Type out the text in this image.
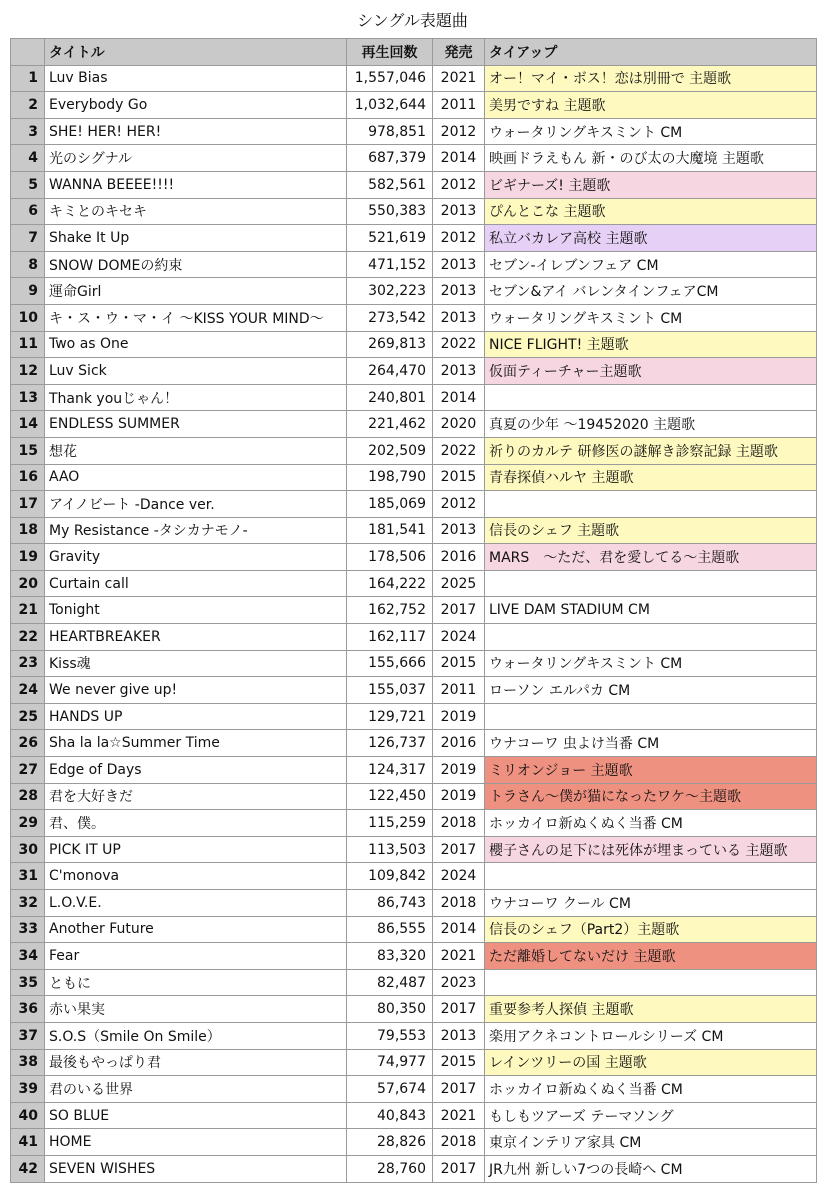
シングル表題曲
	タイトル	再生回数	発売	タイアップ
1	Luv Bias	1,557,046	2021	オー！マイ・ボス！恋は別冊で 主題歌
2	Everybody Go	1,032,644	2011	美男ですね 主題歌
3	SHE! HER! HER!	978,851	2012	ウォータリングキスミント CM
4	光のシグナル	687,379	2014	映画ドラえもん 新・のび太の大魔境 主題歌
5	WANNA BEEEE!!!!	582,561	2012	ビギナーズ! 主題歌
6	キミとのキセキ	550,383	2013	ぴんとこな 主題歌
7	Shake It Up	521,619	2012	私立バカレア高校 主題歌
8	SNOW DOMEの約束	471,152	2013	セブン-イレブンフェア CM
9	運命Girl	302,223	2013	セブン&アイ バレンタインフェアCM
10	キ・ス・ウ・マ・イ 〜KISS YOUR MIND〜	273,542	2013	ウォータリングキスミント CM
11	Two as One	269,813	2022	NICE FLIGHT! 主題歌
12	Luv Sick	264,470	2013	仮面ティーチャー主題歌
13	Thank youじゃん！	240,801	2014	
14	ENDLESS SUMMER	221,462	2020	真夏の少年 〜19452020 主題歌
15	想花	202,509	2022	祈りのカルテ 研修医の謎解き診察記録 主題歌
16	AAO	198,790	2015	青春探偵ハルヤ 主題歌
17	アイノビート -Dance ver.	185,069	2012	
18	My Resistance -タシカナモノ-	181,541	2013	信長のシェフ 主題歌
19	Gravity	178,506	2016	MARS　〜ただ、君を愛してる〜主題歌
20	Curtain call	164,222	2025	
21	Tonight	162,752	2017	LIVE DAM STADIUM CM
22	HEARTBREAKER	162,117	2024	
23	Kiss魂	155,666	2015	ウォータリングキスミント CM
24	We never give up!	155,037	2011	ローソン エルパカ CM
25	HANDS UP	129,721	2019	
26	Sha la la☆Summer Time	126,737	2016	ウナコーワ 虫よけ当番 CM
27	Edge of Days	124,317	2019	ミリオンジョー 主題歌
28	君を大好きだ	122,450	2019	トラさん〜僕が猫になったワケ〜主題歌
29	君、僕。	115,259	2018	ホッカイロ新ぬくぬく当番 CM
30	PICK IT UP	113,503	2017	櫻子さんの足下には死体が埋まっている 主題歌
31	C'monova	109,842	2024	
32	L.O.V.E.	86,743	2018	ウナコーワ クール CM
33	Another Future	86,555	2014	信長のシェフ（Part2）主題歌
34	Fear	83,320	2021	ただ離婚してないだけ 主題歌
35	ともに	82,487	2023	
36	赤い果実	80,350	2017	重要参考人探偵 主題歌
37	S.O.S（Smile On Smile）	79,553	2013	楽用アクネコントロールシリーズ CM
38	最後もやっぱり君	74,977	2015	レインツリーの国 主題歌
39	君のいる世界	57,674	2017	ホッカイロ新ぬくぬく当番 CM
40	SO BLUE	40,843	2021	もしもツアーズ テーマソング
41	HOME	28,826	2018	東京インテリア家具 CM
42	SEVEN WISHES	28,760	2017	JR九州 新しい7つの長崎へ CM
